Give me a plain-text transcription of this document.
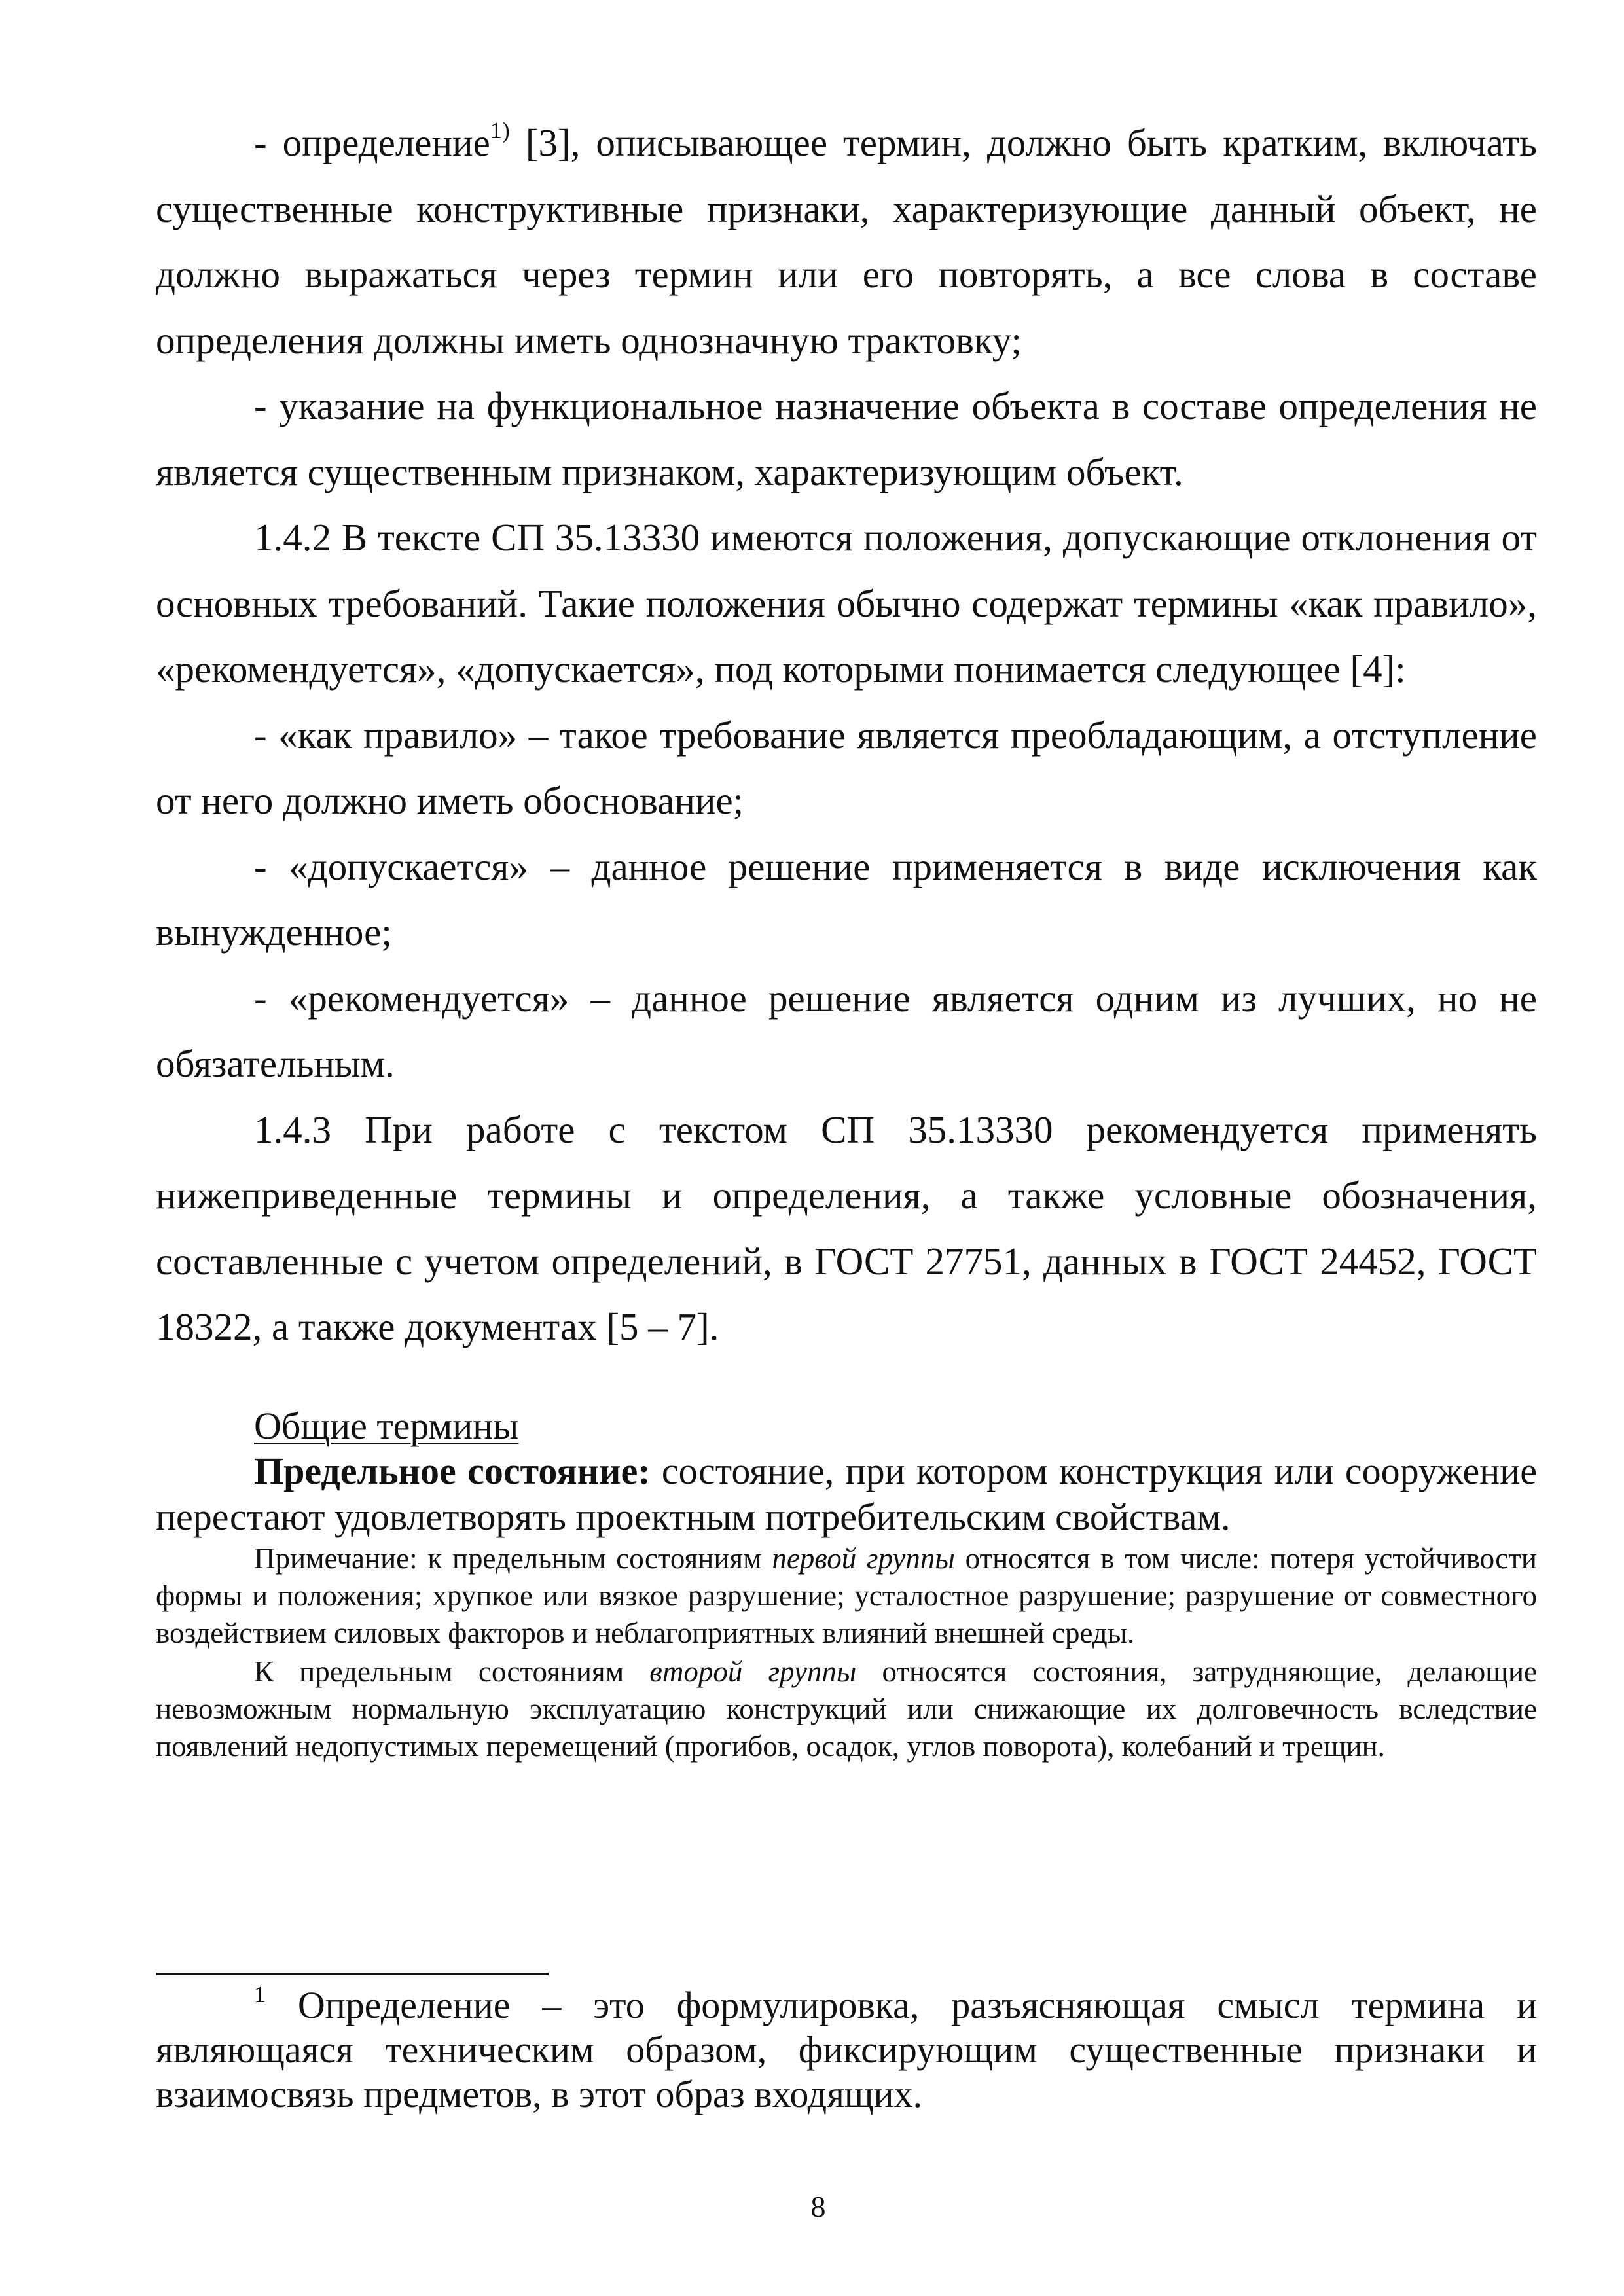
- определение$^{1)}$ [3], описывающее термин, должно быть кратким, включать существенные конструктивные признаки, характеризующие данный объект, не должно выражаться через термин или его повторять, а все слова в составе определения должны иметь однозначную трактовку;

- указание на функциональное назначение объекта в составе определения не является существенным признаком, характеризующим объект.

1.4.2 В тексте СП 35.13330 имеются положения, допускающие отклонения от основных требований. Такие положения обычно содержат термины «как правило», «рекомендуется», «допускается», под которыми понимается следующее [4]:

- «как правило» – такое требование является преобладающим, а отступление от него должно иметь обоснование;

- «допускается» – данное решение применяется в виде исключения как вынужденное;

- «рекомендуется» – данное решение является одним из лучших, но не обязательным.

1.4.3 При работе с текстом СП 35.13330 рекомендуется применять нижеприведенные термины и определения, а также условные обозначения, составленные с учетом определений, в ГОСТ 27751, данных в ГОСТ 24452, ГОСТ 18322, а также документах [5 – 7].

Общие термины

Предельное состояние: состояние, при котором конструкция или сооружение перестают удовлетворять проектным потребительским свойствам.

Примечание: к предельным состояниям первой группы относятся в том числе: потеря устойчивости формы и положения; хрупкое или вязкое разрушение; усталостное разрушение; разрушение от совместного воздействием силовых факторов и неблагоприятных влияний внешней среды.

К предельным состояниям второй группы относятся состояния, затрудняющие, делающие невозможным нормальную эксплуатацию конструкций или снижающие их долговечность вследствие появлений недопустимых перемещений (прогибов, осадок, углов поворота), колебаний и трещин.

$^1$ Определение – это формулировка, разъясняющая смысл термина и являющаяся техническим образом, фиксирующим существенные признаки и взаимосвязь предметов, в этот образ входящих.

8
